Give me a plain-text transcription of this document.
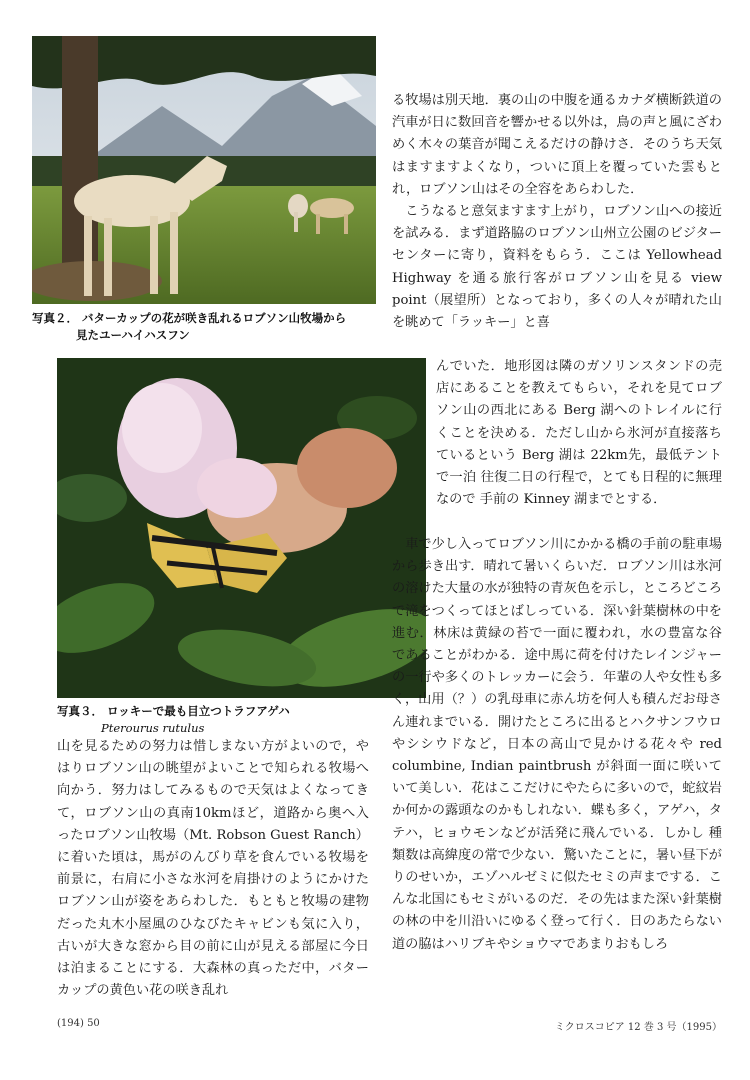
写真２． バターカップの花が咲き乱れるロブソン山牧場から
見たユーハイハスフン
写真３． ロッキーで最も目立つトラフアゲハ
Pterourus rutulus

る牧場は別天地．裏の山の中腹を通るカナダ横断鉄道の汽車が日に数回音を響かせる以外は，鳥の声と風にざわめく木々の葉音が聞こえるだけの静けさ．そのうち天気はますますよくなり，ついに頂上を覆っていた雲もとれ，ロブソン山はその全容をあらわした．

こうなると意気ますます上がり，ロブソン山への接近を試みる．まず道路脇のロブソン山州立公園のビジターセンターに寄り，資料をもらう．ここは Yellowhead Highway を通る旅行客がロブソン山を見る view point（展望所）となっており，多くの人々が晴れた山を眺めて「ラッキー」と喜

んでいた．地形図は隣のガソリンスタンドの売店にあることを教えてもらい，それを見てロブソン山の西北にある Berg 湖へのトレイルに行くことを決める．ただし山から氷河が直接落ちているという Berg 湖は 22km先，最低テントで一泊 往復二日の行程で，とても日程的に無理なので 手前の Kinney 湖までとする．

車で少し入ってロブソン川にかかる橋の手前の駐車場から歩き出す．晴れて暑いくらいだ．ロブソン川は氷河の溶けた大量の水が独特の青灰色を示し，ところどころで滝をつくってほとばしっている．深い針葉樹林の中を進む．林床は黄緑の苔で一面に覆われ，水の豊富な谷であることがわかる．途中馬に荷を付けたレインジャーの一行や多くのトレッカーに会う．年輩の人や女性も多く，山用（？）の乳母車に赤ん坊を何人も積んだお母さん連れまでいる．開けたところに出るとハクサンフウロやシシウドなど，日本の高山で見かける花々や red columbine, Indian paintbrush が斜面一面に咲いていて美しい．花はここだけにやたらに多いので，蛇紋岩か何かの露頭なのかもしれない．蝶も多く，アゲハ，タテハ，ヒョウモンなどが活発に飛んでいる．しかし 種類数は高緯度の常で少ない．驚いたことに，暑い昼下がりのせいか，エゾハルゼミに似たセミの声までする．こんな北国にもセミがいるのだ．その先はまた深い針葉樹の林の中を川沿いにゆるく登って行く．日のあたらない道の脇はハリブキやショウマであまりおもしろ

山を見るための努力は惜しまない方がよいので，やはりロブソン山の眺望がよいことで知られる牧場へ向かう．努力はしてみるもので天気はよくなってきて，ロブソン山の真南10kmほど，道路から奥へ入ったロブソン山牧場（Mt. Robson Guest Ranch）に着いた頃は，馬がのんびり草を食んでいる牧場を前景に，右肩に小さな氷河を肩掛けのようにかけたロブソン山が姿をあらわした．もともと牧場の建物だった丸木小屋風のひなびたキャビンも気に入り，古いが大きな窓から目の前に山が見える部屋に今日は泊まることにする．大森林の真っただ中，バターカップの黄色い花の咲き乱れ

(194) 50	ミクロスコピア 12 巻 3 号（1995）
